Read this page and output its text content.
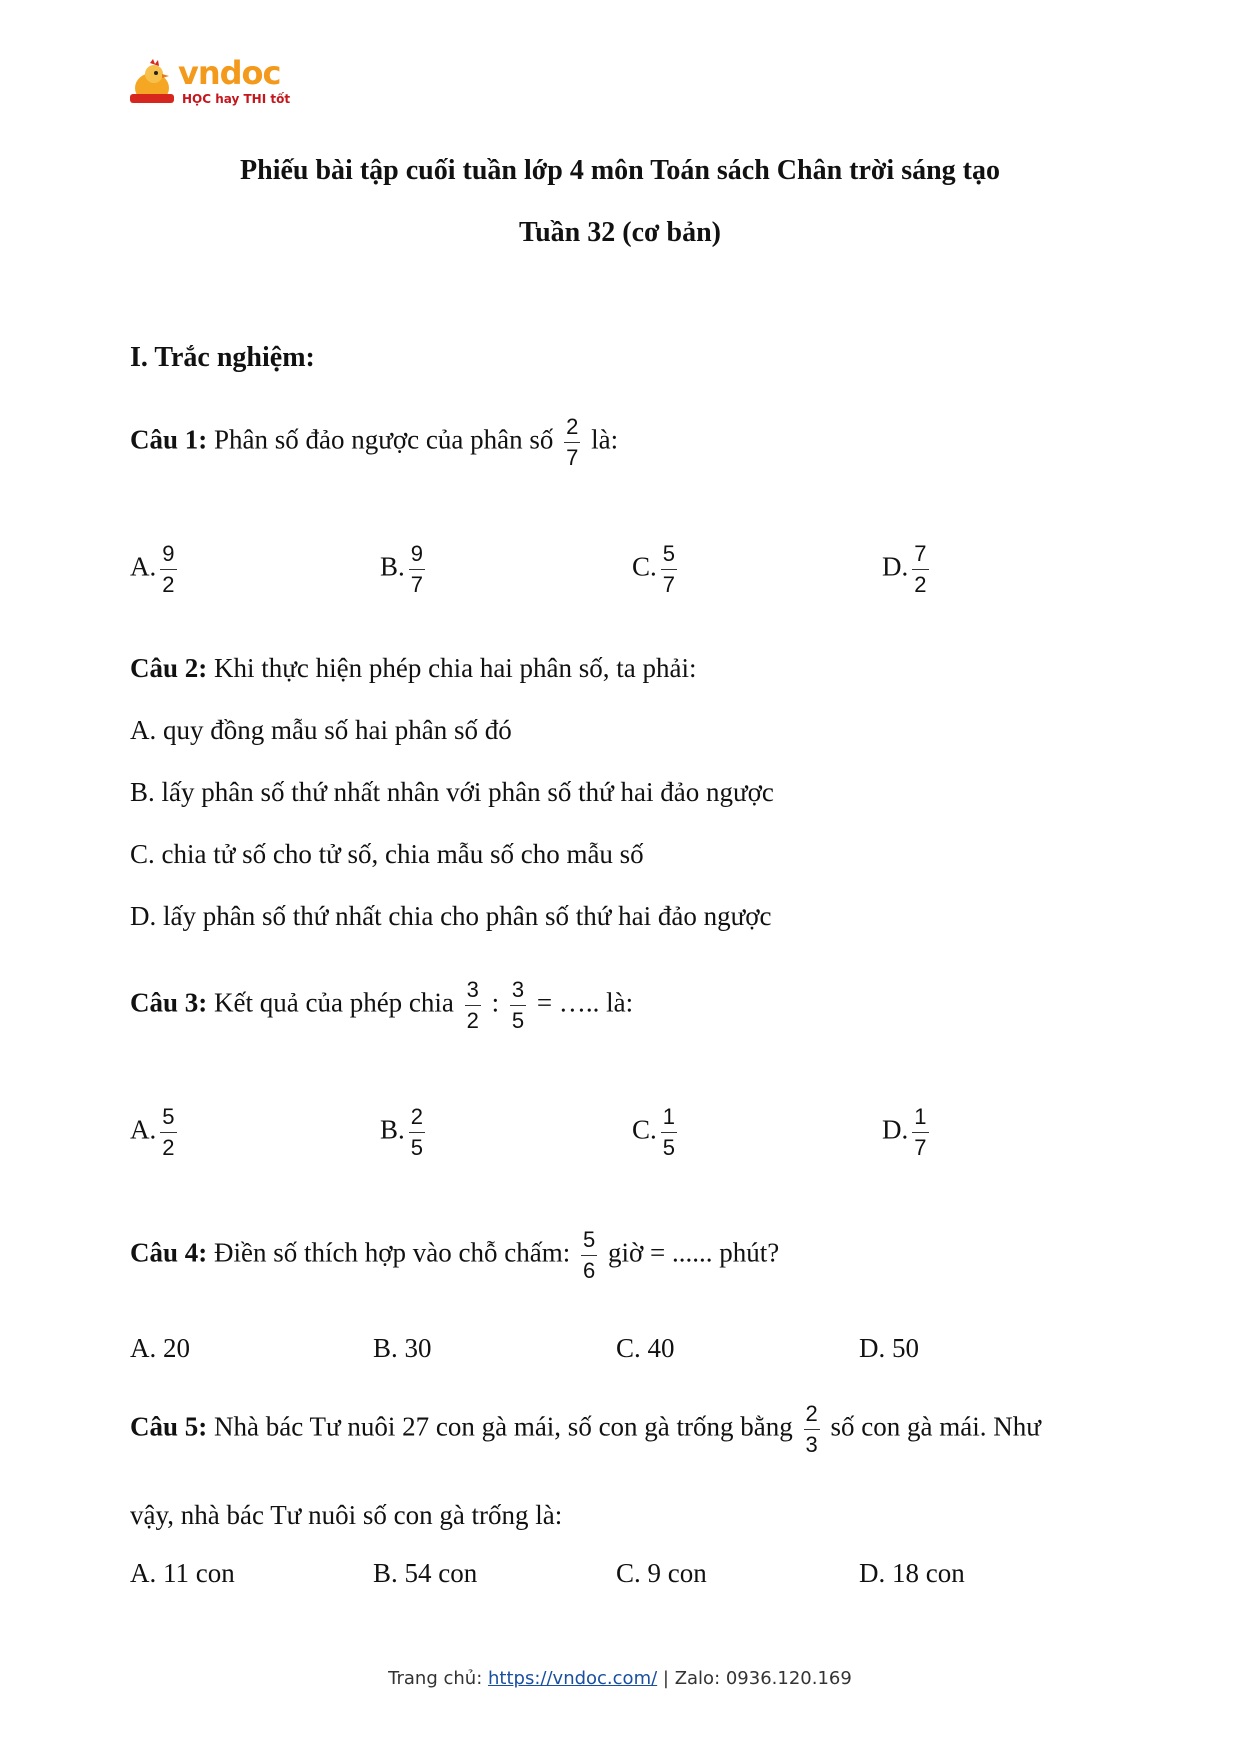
vndoc
HỌC hay THI tốt
Phiếu bài tập cuối tuần lớp 4 môn Toán sách Chân trời sáng tạo
Tuần 32 (cơ bản)
I. Trắc nghiệm:
Câu 1: Phân số đảo ngược của phân số $\frac{2}{7}$ là:
A. $\frac{9}{2}$	B. $\frac{9}{7}$	C. $\frac{5}{7}$	D. $\frac{7}{2}$
Câu 2: Khi thực hiện phép chia hai phân số, ta phải:
A. quy đồng mẫu số hai phân số đó
B. lấy phân số thứ nhất nhân với phân số thứ hai đảo ngược
C. chia tử số cho tử số, chia mẫu số cho mẫu số
D. lấy phân số thứ nhất chia cho phân số thứ hai đảo ngược
Câu 3: Kết quả của phép chia $\frac{3}{2}$ : $\frac{3}{5}$ = ….. là:
A. $\frac{5}{2}$	B. $\frac{2}{5}$	C. $\frac{1}{5}$	D. $\frac{1}{7}$
Câu 4: Điền số thích hợp vào chỗ chấm: $\frac{5}{6}$ giờ = ...... phút?
A. 20	B. 30	C. 40	D. 50
Câu 5: Nhà bác Tư nuôi 27 con gà mái, số con gà trống bằng $\frac{2}{3}$ số con gà mái. Như
vậy, nhà bác Tư nuôi số con gà trống là:
A. 11 con	B. 54 con	C. 9 con	D. 18 con
Trang chủ: https://vndoc.com/ | Zalo: 0936.120.169
